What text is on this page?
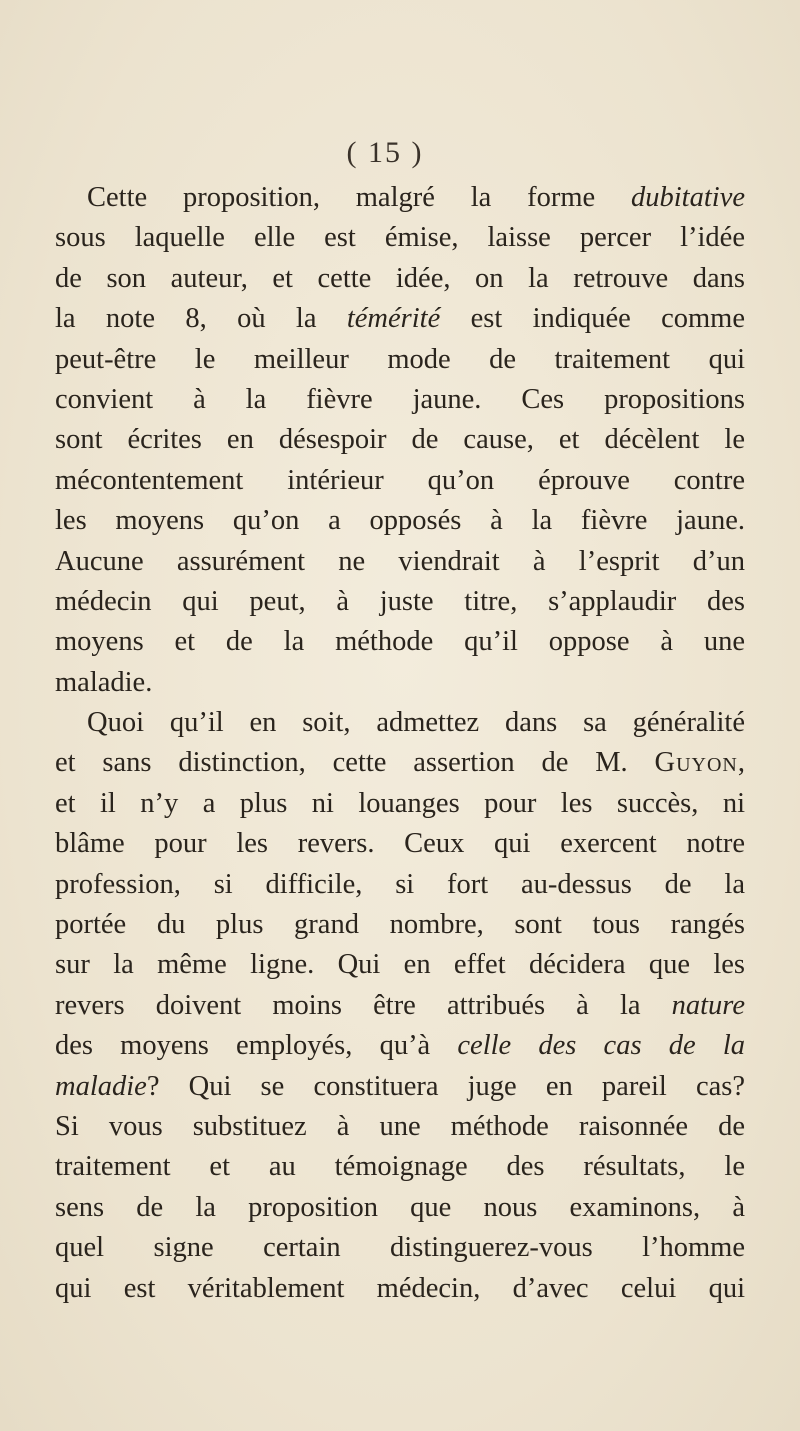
( 15 )
Cette proposition, malgré la forme dubitative
sous laquelle elle est émise, laisse percer l’idée
de son auteur, et cette idée, on la retrouve dans
la note 8, où la témérité est indiquée comme
peut-être le meilleur mode de traitement qui
convient à la fièvre jaune. Ces propositions
sont écrites en désespoir de cause, et décèlent le
mécontentement intérieur qu’on éprouve contre
les moyens qu’on a opposés à la fièvre jaune.
Aucune assurément ne viendrait à l’esprit d’un
médecin qui peut, à juste titre, s’applaudir des
moyens et de la méthode qu’il oppose à une
maladie.
Quoi qu’il en soit, admettez dans sa généralité
et sans distinction, cette assertion de M. Guyon,
et il n’y a plus ni louanges pour les succès, ni
blâme pour les revers. Ceux qui exercent notre
profession, si difficile, si fort au-dessus de la
portée du plus grand nombre, sont tous rangés
sur la même ligne. Qui en effet décidera que les
revers doivent moins être attribués à la nature
des moyens employés, qu’à celle des cas de la
maladie? Qui se constituera juge en pareil cas?
Si vous substituez à une méthode raisonnée de
traitement et au témoignage des résultats, le
sens de la proposition que nous examinons, à
quel signe certain distinguerez-vous l’homme
qui est véritablement médecin, d’avec celui qui
